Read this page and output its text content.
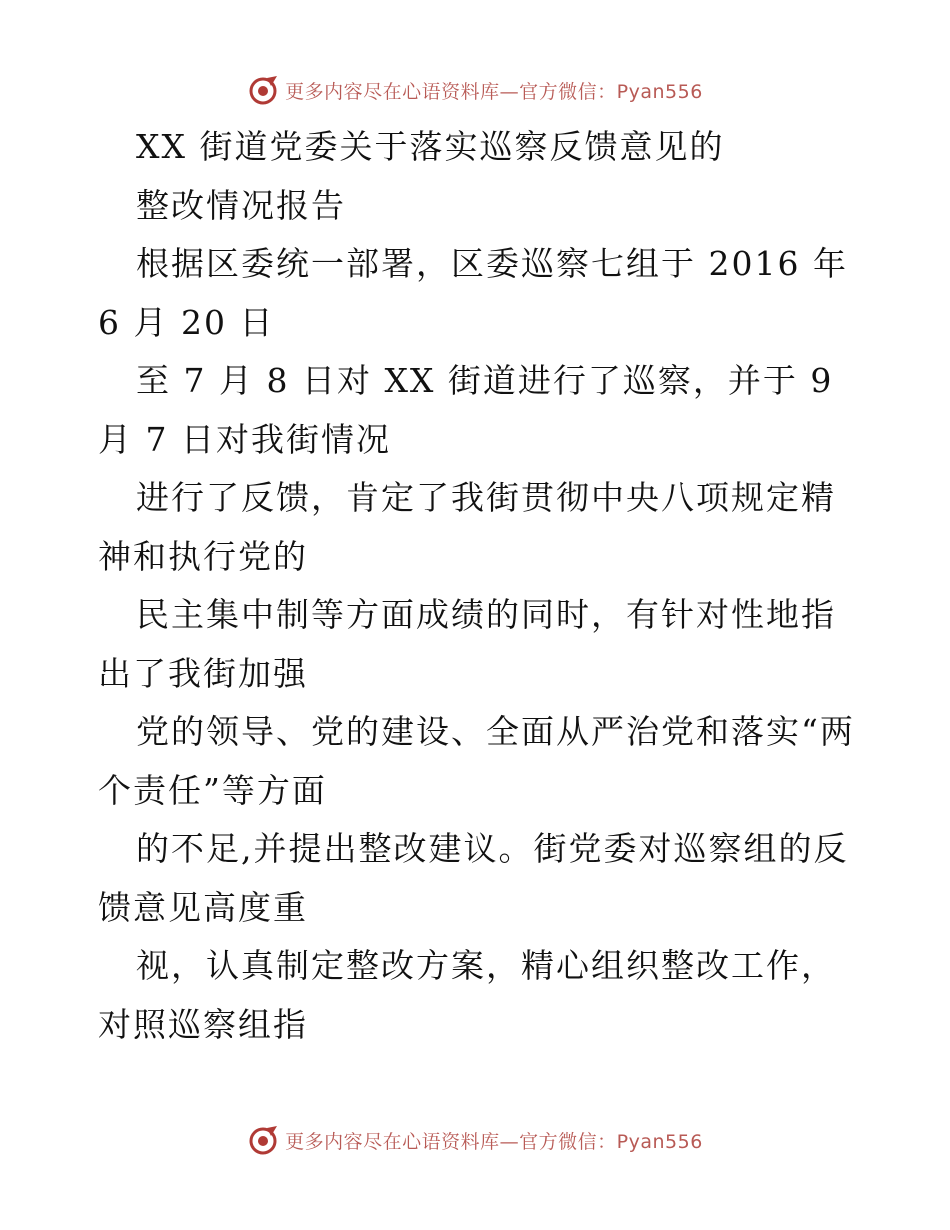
更多内容尽在心语资料库—官方微信：Pyan556

XX 街道党委关于落实巡察反馈意见的

整改情况报告

根据区委统一部署，区委巡察七组于 2016 年 6 月 20 日

至 7 月 8 日对 XX 街道进行了巡察，并于 9 月 7 日对我街情况

进行了反馈，肯定了我街贯彻中央八项规定精神和执行党的

民主集中制等方面成绩的同时，有针对性地指出了我街加强

党的领导、党的建设、全面从严治党和落实“两个责任”等方面

的不足,并提出整改建议。街党委对巡察组的反馈意见高度重

视，认真制定整改方案，精心组织整改工作，对照巡察组指

更多内容尽在心语资料库—官方微信：Pyan556
